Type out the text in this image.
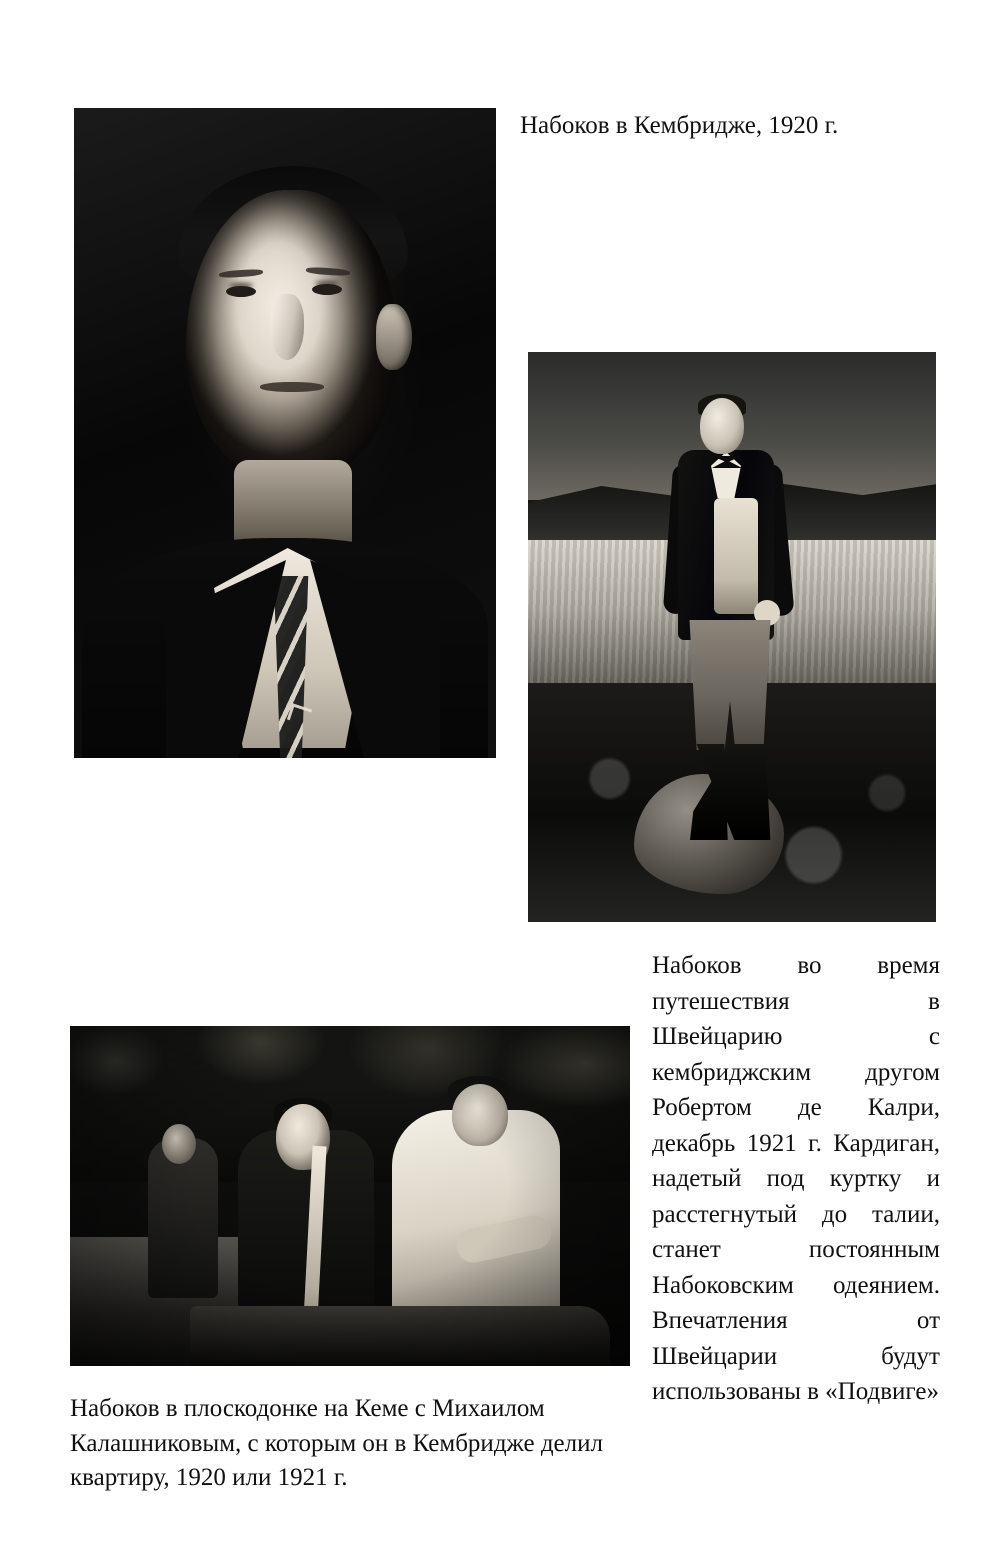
Набоков в Кембридже, 1920 г.
Набоков во время путешествия в Швейцарию с кембриджским другом Робертом де Калри, декабрь 1921 г. Кардиган, надетый под куртку и расстегнутый до талии, станет постоянным Набоковским одеянием. Впечатления от Швейцарии будут использованы в «Подвиге»
Набоков в плоскодонке на Кеме с Михаилом Калашниковым, с которым он в Кембридже делил квартиру, 1920 или 1921 г.
